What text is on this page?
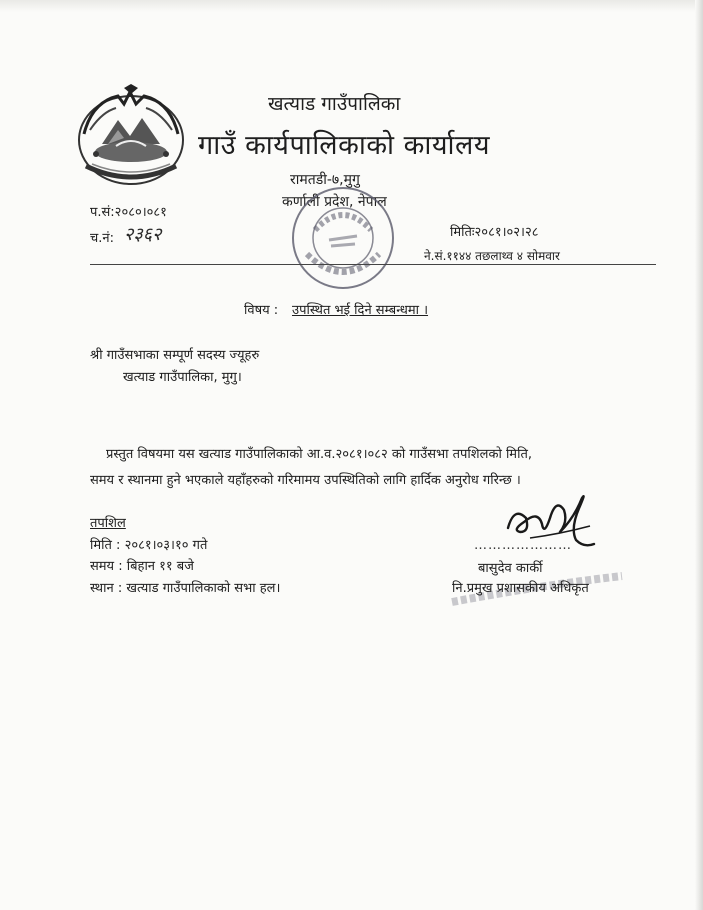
खत्याड गाउँपालिका
गाउँ कार्यपालिकाको कार्यालय
रामतडी-७,मुगु
कर्णाली प्रदेश, नेपाल
प.सं:२०८०।०८१
च.नं: २३६२	मितिः२०८१।०२।२८
ने.सं.११४४ तछलाथ्व ४ सोमवार
विषय : उपस्थित भई दिने सम्बन्धमा ।
श्री गाउँसभाका सम्पूर्ण सदस्य ज्यूहरु
खत्याड गाउँपालिका, मुगु।
प्रस्तुत विषयमा यस खत्याड गाउँपालिकाको आ.व.२०८१।०८२ को गाउँसभा तपशिलको मिति,
समय र स्थानमा हुने भएकाले यहाँहरुको गरिमामय उपस्थितिको लागि हार्दिक अनुरोध गरिन्छ ।
तपशिल
मिति : २०८१।०३।१० गते
समय : बिहान ११ बजे
स्थान : खत्याड गाउँपालिकाको सभा हल।
…………………
बासुदेव कार्की
नि.प्रमुख प्रशासकीय अधिकृत
